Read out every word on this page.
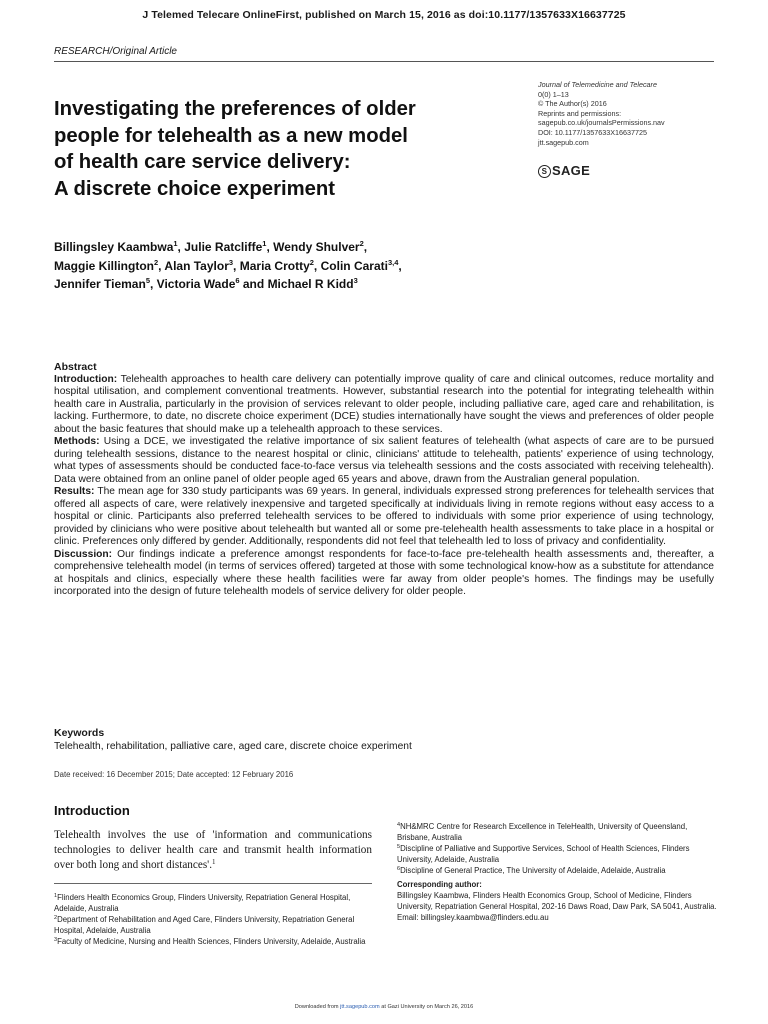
J Telemed Telecare OnlineFirst, published on March 15, 2016 as doi:10.1177/1357633X16637725
RESEARCH/Original Article
Journal of Telemedicine and Telecare
0(0) 1–13
© The Author(s) 2016
Reprints and permissions:
sagepub.co.uk/journalsPermissions.nav
DOI: 10.1177/1357633X16637725
jtt.sagepub.com
S SAGE
Investigating the preferences of older
people for telehealth as a new model
of health care service delivery:
A discrete choice experiment
Billingsley Kaambwa$^1$, Julie Ratcliffe$^1$, Wendy Shulver$^2$,
Maggie Killington$^2$, Alan Taylor$^3$, Maria Crotty$^2$, Colin Carati$^{3,4}$,
Jennifer Tieman$^5$, Victoria Wade$^6$ and Michael R Kidd$^3$
Abstract

Introduction: Telehealth approaches to health care delivery can potentially improve quality of care and clinical outcomes, reduce mortality and hospital utilisation, and complement conventional treatments. However, substantial research into the potential for integrating telehealth within health care in Australia, particularly in the provision of services relevant to older people, including palliative care, aged care and rehabilitation, is lacking. Furthermore, to date, no discrete choice experiment (DCE) studies internationally have sought the views and preferences of older people about the basic features that should make up a telehealth approach to these services.

Methods: Using a DCE, we investigated the relative importance of six salient features of telehealth (what aspects of care are to be pursued during telehealth sessions, distance to the nearest hospital or clinic, clinicians' attitude to telehealth, patients' experience of using technology, what types of assessments should be conducted face-to-face versus via telehealth sessions and the costs associated with receiving telehealth). Data were obtained from an online panel of older people aged 65 years and above, drawn from the Australian general population.

Results: The mean age for 330 study participants was 69 years. In general, individuals expressed strong preferences for telehealth services that offered all aspects of care, were relatively inexpensive and targeted specifically at individuals living in remote regions without easy access to a hospital or clinic. Participants also preferred telehealth services to be offered to individuals with some prior experience of using technology, provided by clinicians who were positive about telehealth but wanted all or some pre-telehealth health assessments to take place in a hospital or clinic. Preferences only differed by gender. Additionally, respondents did not feel that telehealth led to loss of privacy and confidentiality.

Discussion: Our findings indicate a preference amongst respondents for face-to-face pre-telehealth health assessments and, thereafter, a comprehensive telehealth model (in terms of services offered) targeted at those with some technological know-how as a substitute for attendance at hospitals and clinics, especially where these health facilities were far away from older people's homes. The findings may be usefully incorporated into the design of future telehealth models of service delivery for older people.

Keywords
Telehealth, rehabilitation, palliative care, aged care, discrete choice experiment
Date received: 16 December 2015; Date accepted: 12 February 2016
Introduction
Telehealth involves the use of 'information and communications technologies to deliver health care and transmit health information over both long and short distances'.$^1$

$^1$Flinders Health Economics Group, Flinders University, Repatriation General Hospital, Adelaide, Australia

$^2$Department of Rehabilitation and Aged Care, Flinders University, Repatriation General Hospital, Adelaide, Australia

$^3$Faculty of Medicine, Nursing and Health Sciences, Flinders University, Adelaide, Australia

$^4$NH&MRC Centre for Research Excellence in TeleHealth, University of Queensland, Brisbane, Australia

$^5$Discipline of Palliative and Supportive Services, School of Health Sciences, Flinders University, Adelaide, Australia

$^6$Discipline of General Practice, The University of Adelaide, Adelaide, Australia

Corresponding author:

Billingsley Kaambwa, Flinders Health Economics Group, School of Medicine, Flinders University, Repatriation General Hospital, 202-16 Daws Road, Daw Park, SA 5041, Australia.

Email: billingsley.kaambwa@flinders.edu.au

Downloaded from jtt.sagepub.com at Gazi University on March 26, 2016
